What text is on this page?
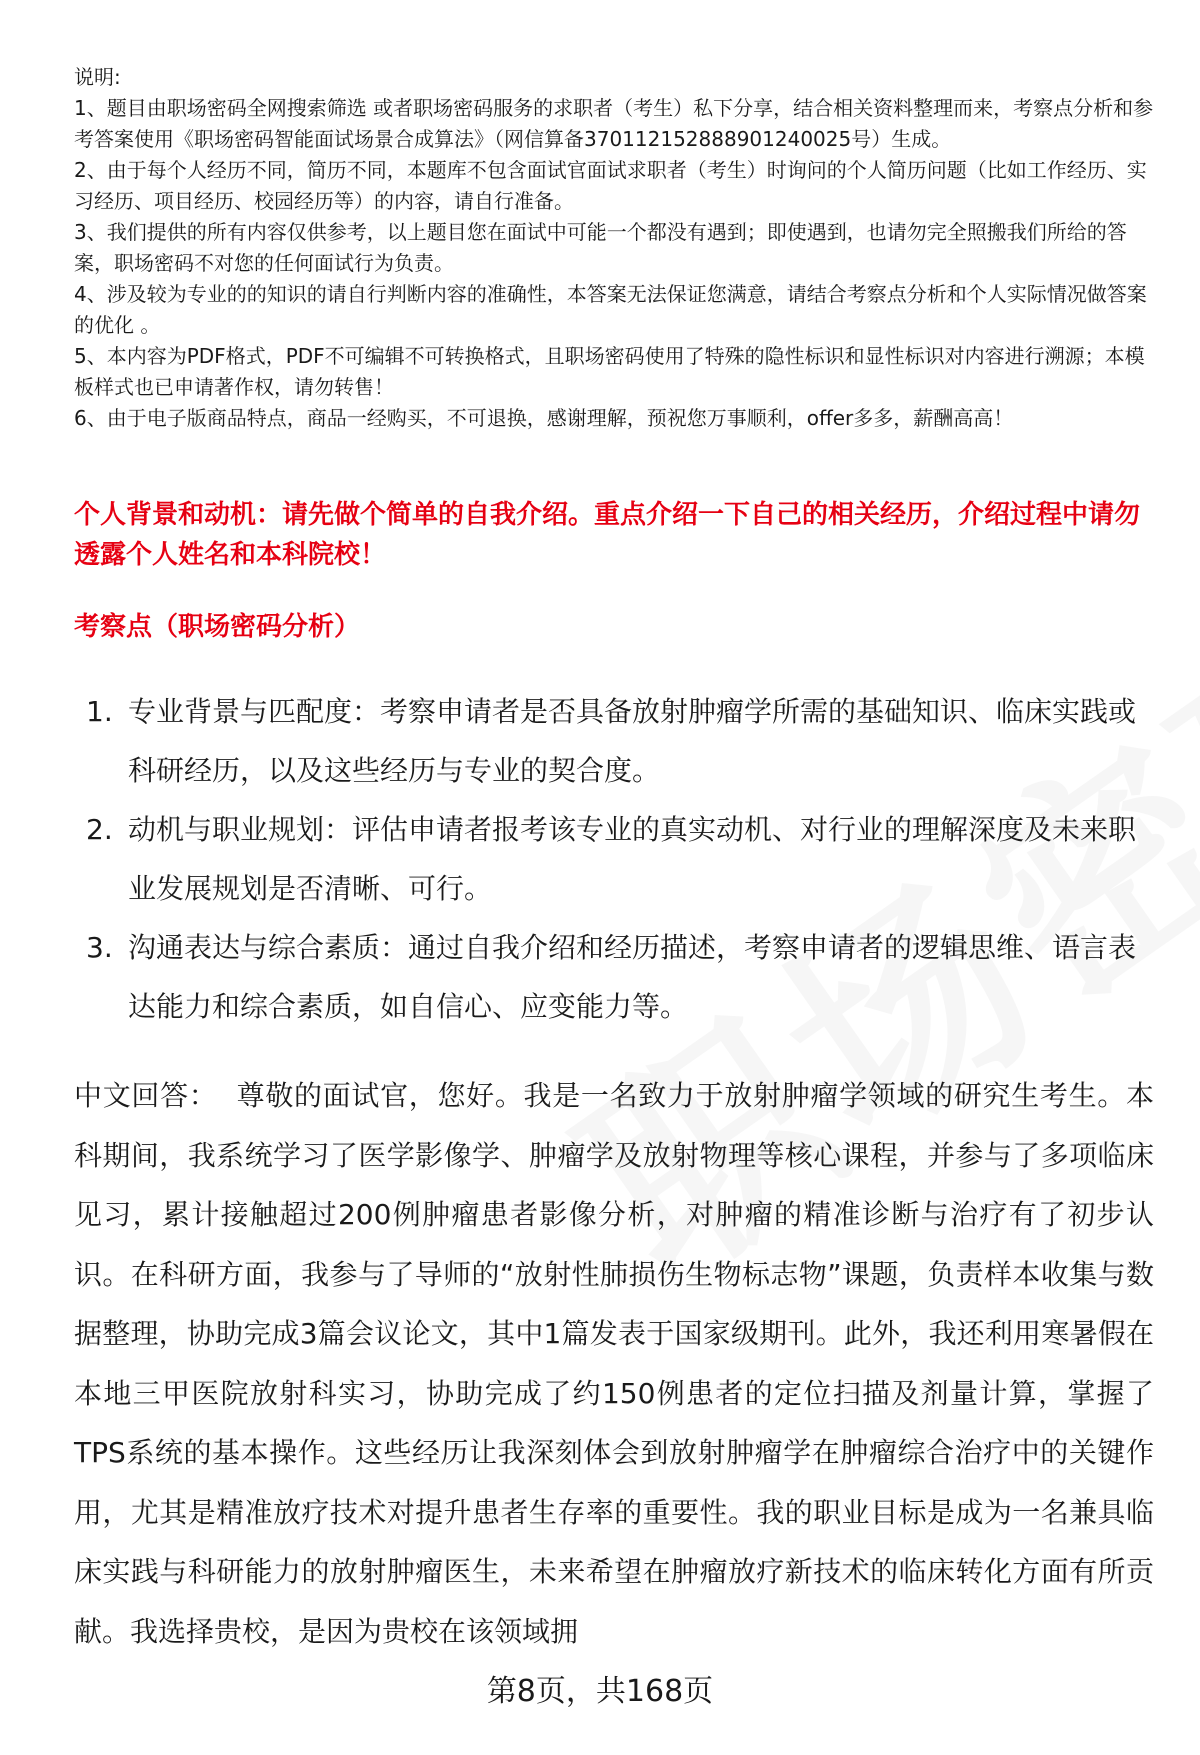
说明:

1、题目由职场密码全网搜索筛选 或者职场密码服务的求职者（考生）私下分享，结合相关资料整理而来，考察点分析和参考答案使用《职场密码智能面试场景合成算法》（网信算备370112152888901240025号）生成。

2、由于每个人经历不同，简历不同，本题库不包含面试官面试求职者（考生）时询问的个人简历问题（比如工作经历、实习经历、项目经历、校园经历等）的内容，请自行准备。

3、我们提供的所有内容仅供参考，以上题目您在面试中可能一个都没有遇到；即使遇到，也请勿完全照搬我们所给的答案，职场密码不对您的任何面试行为负责。

4、涉及较为专业的的知识的请自行判断内容的准确性，本答案无法保证您满意，请结合考察点分析和个人实际情况做答案的优化 。

5、本内容为PDF格式，PDF不可编辑不可转换格式，且职场密码使用了特殊的隐性标识和显性标识对内容进行溯源；本模板样式也已申请著作权，请勿转售！

6、由于电子版商品特点，商品一经购买，不可退换，感谢理解，预祝您万事顺利，offer多多，薪酬高高！

个人背景和动机：请先做个简单的自我介绍。重点介绍一下自己的相关经历，介绍过程中请勿透露个人姓名和本科院校！
考察点（职场密码分析）
1. 专业背景与匹配度：考察申请者是否具备放射肿瘤学所需的基础知识、临床实践或科研经历，以及这些经历与专业的契合度。
2. 动机与职业规划：评估申请者报考该专业的真实动机、对行业的理解深度及未来职业发展规划是否清晰、可行。
3. 沟通表达与综合素质：通过自我介绍和经历描述，考察申请者的逻辑思维、语言表达能力和综合素质，如自信心、应变能力等。
中文回答： 尊敬的面试官，您好。我是一名致力于放射肿瘤学领域的研究生考生。本科期间，我系统学习了医学影像学、肿瘤学及放射物理等核心课程，并参与了多项临床见习，累计接触超过200例肿瘤患者影像分析，对肿瘤的精准诊断与治疗有了初步认识。在科研方面，我参与了导师的“放射性肺损伤生物标志物”课题，负责样本收集与数据整理，协助完成3篇会议论文，其中1篇发表于国家级期刊。此外，我还利用寒暑假在本地三甲医院放射科实习，协助完成了约150例患者的定位扫描及剂量计算，掌握了TPS系统的基本操作。这些经历让我深刻体会到放射肿瘤学在肿瘤综合治疗中的关键作用，尤其是精准放疗技术对提升患者生存率的重要性。我的职业目标是成为一名兼具临床实践与科研能力的放射肿瘤医生，未来希望在肿瘤放疗新技术的临床转化方面有所贡献。我选择贵校，是因为贵校在该领域拥
第8页，共168页
